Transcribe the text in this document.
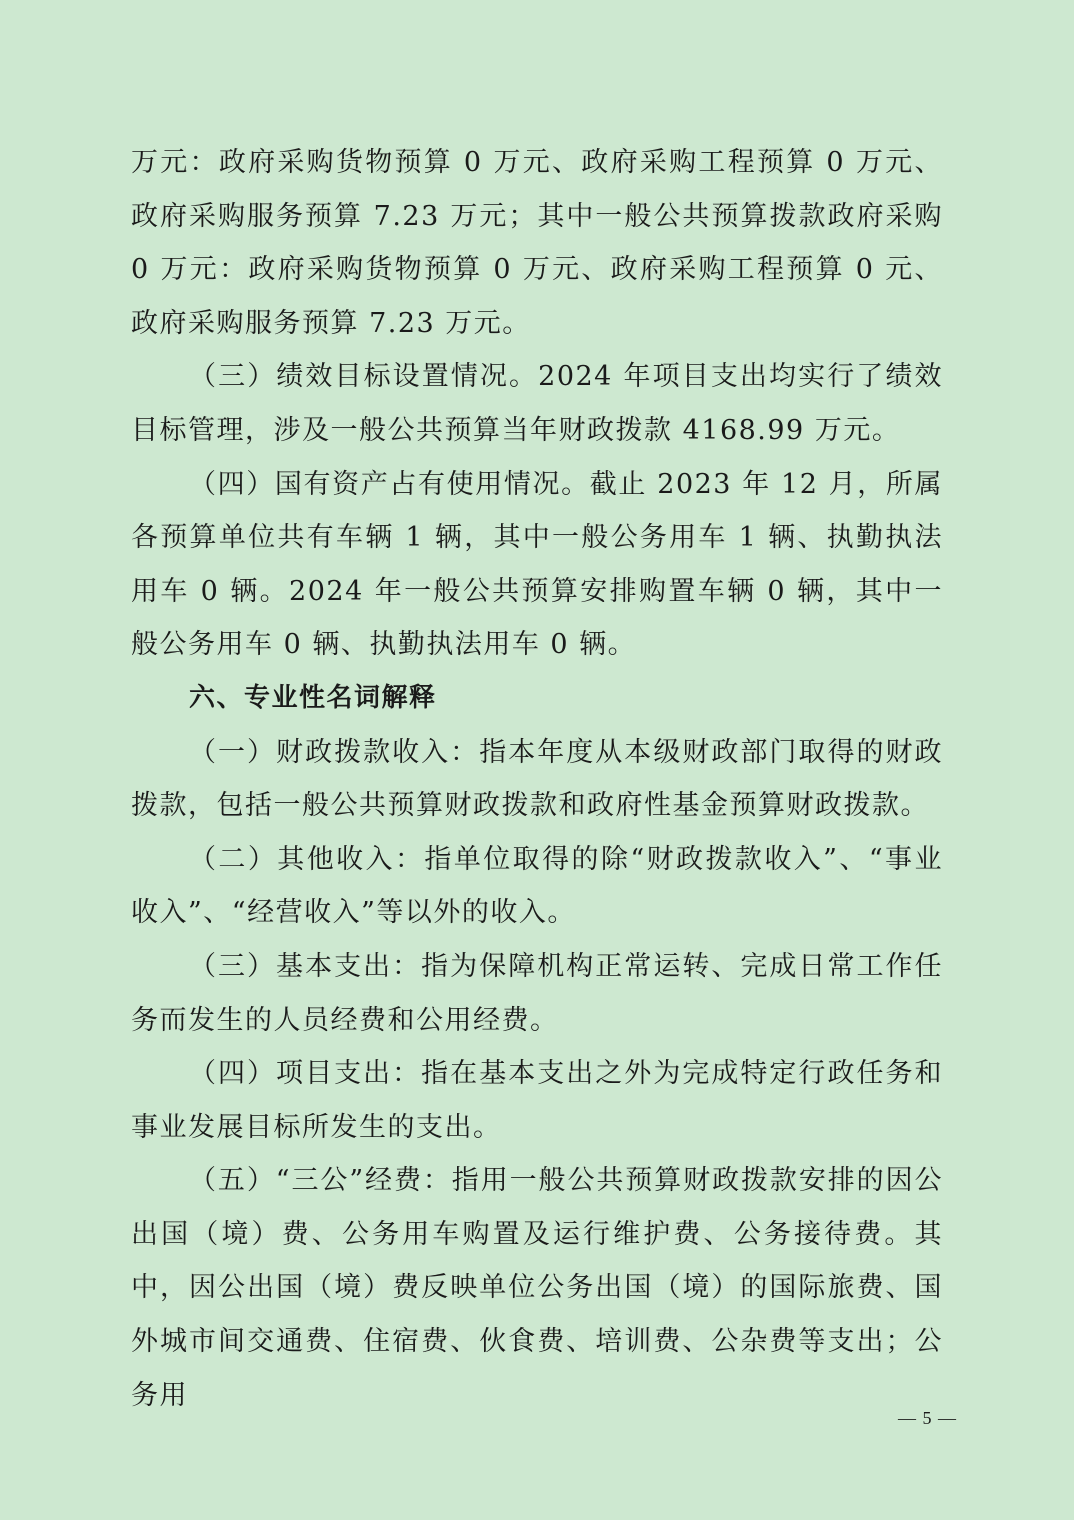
万元：政府采购货物预算 0 万元、政府采购工程预算 0 万元、政府采购服务预算 7.23 万元；其中一般公共预算拨款政府采购 0 万元：政府采购货物预算 0 万元、政府采购工程预算 0 元、政府采购服务预算 7.23 万元。

（三）绩效目标设置情况。2024 年项目支出均实行了绩效目标管理，涉及一般公共预算当年财政拨款 4168.99 万元。

（四）国有资产占有使用情况。截止 2023 年 12 月，所属各预算单位共有车辆 1 辆，其中一般公务用车 1 辆、执勤执法用车 0 辆。2024 年一般公共预算安排购置车辆 0 辆，其中一般公务用车 0 辆、执勤执法用车 0 辆。

六、专业性名词解释

（一）财政拨款收入：指本年度从本级财政部门取得的财政拨款，包括一般公共预算财政拨款和政府性基金预算财政拨款。

（二）其他收入：指单位取得的除“财政拨款收入”、“事业收入”、“经营收入”等以外的收入。

（三）基本支出：指为保障机构正常运转、完成日常工作任务而发生的人员经费和公用经费。

（四）项目支出：指在基本支出之外为完成特定行政任务和事业发展目标所发生的支出。

（五）“三公”经费：指用一般公共预算财政拨款安排的因公出国（境）费、公务用车购置及运行维护费、公务接待费。其中，因公出国（境）费反映单位公务出国（境）的国际旅费、国外城市间交通费、住宿费、伙食费、培训费、公杂费等支出；公务用

— 5 —
